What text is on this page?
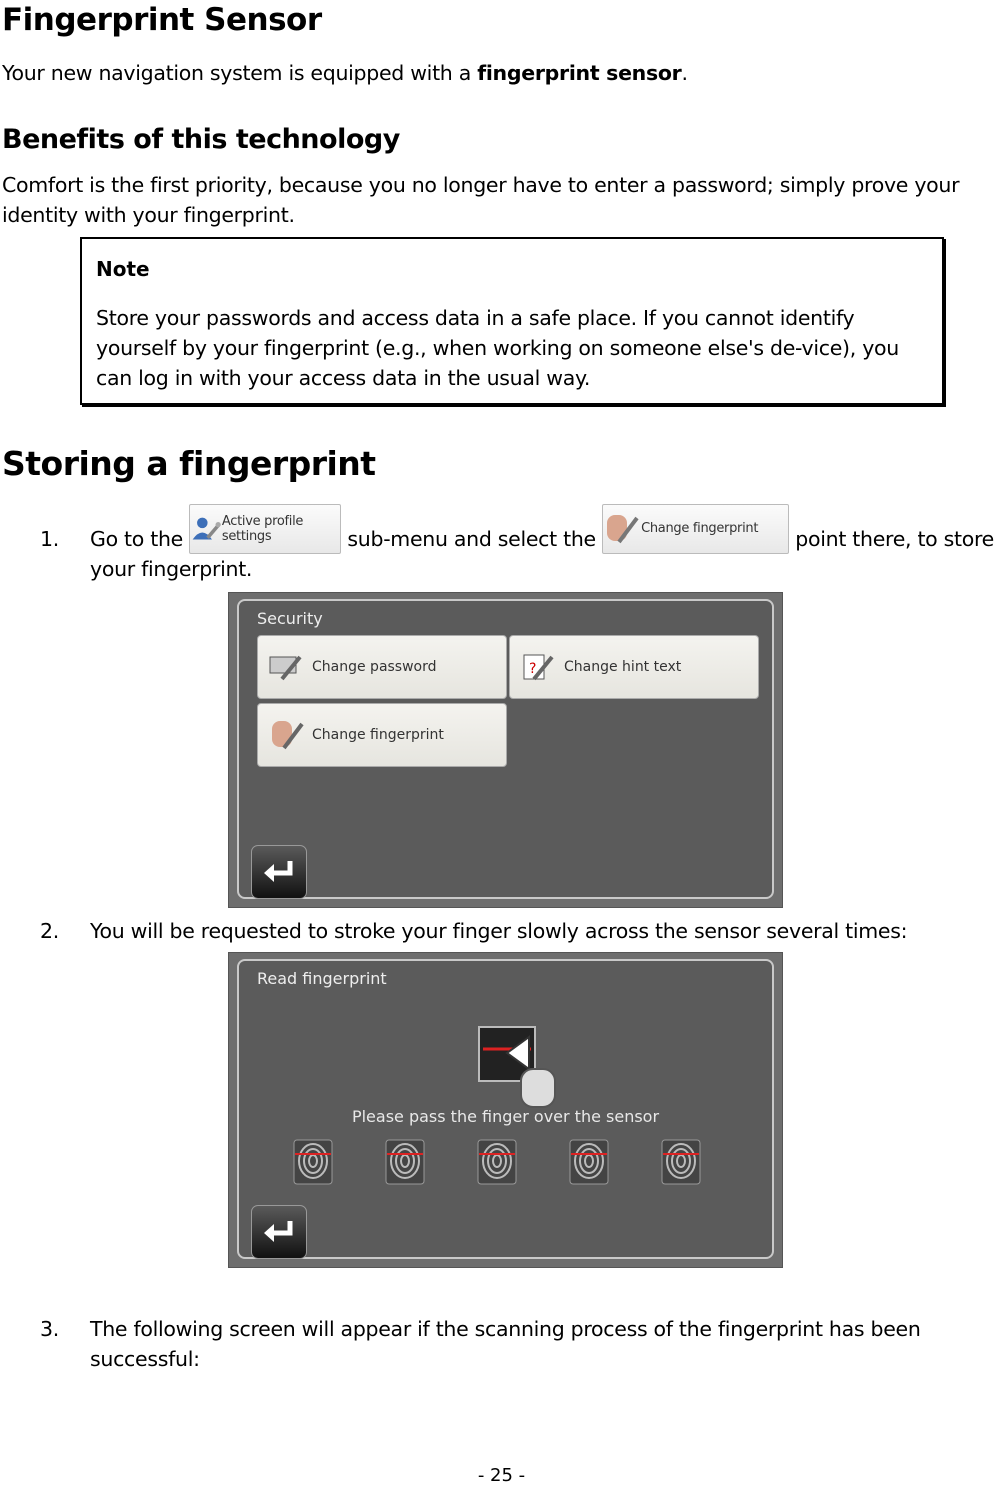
Fingerprint Sensor
Your new navigation system is equipped with a fingerprint sensor.
Benefits of this technology
Comfort is the first priority, because you no longer have to enter a password; simply prove your identity with your fingerprint.
Note
Store your passwords and access data in a safe place. If you cannot identify yourself by your fingerprint (e.g., when working on someone else's de-vice), you can log in with your access data in the usual way.
Storing a fingerprint
1. Go to the
Active profile settings	sub-menu and select the	Change fingerprint point there, to store your fingerprint.
Security
Change password	? Change hint text
Change fingerprint
2. You will be requested to stroke your finger slowly across the sensor several times:
Read fingerprint
Please pass the finger over the sensor
3. The following screen will appear if the scanning process of the fingerprint has been successful:
- 25 -
